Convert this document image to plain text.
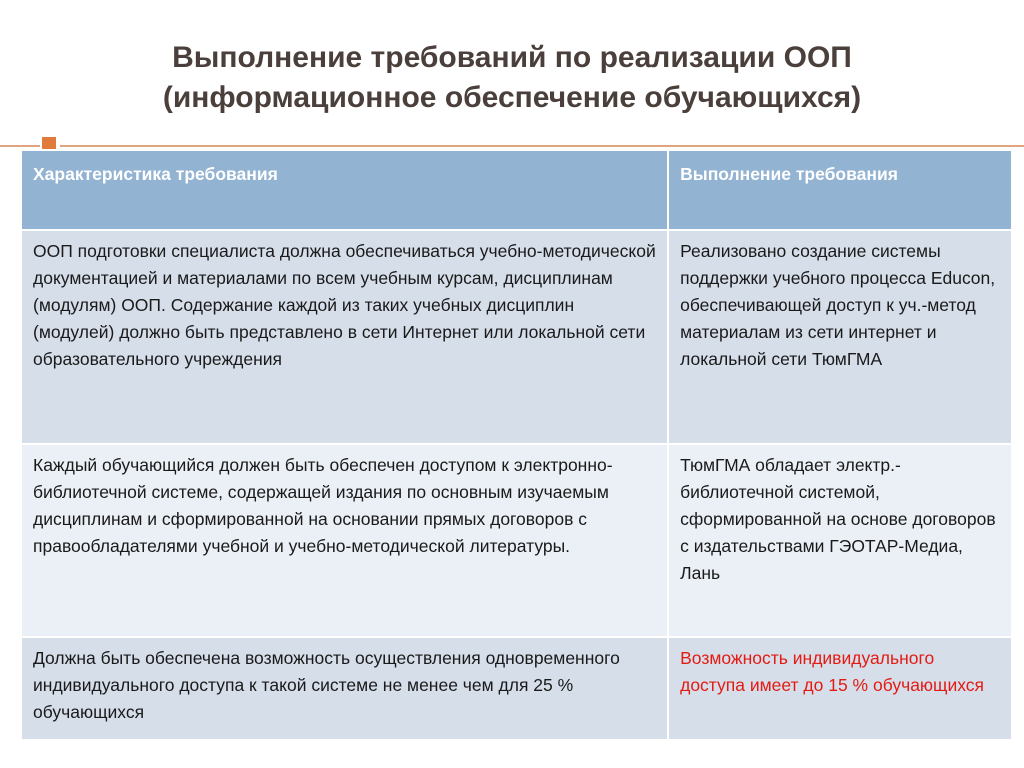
Выполнение требований по реализации ООП
(информационное обеспечение обучающихся)
Характеристика требования	Выполнение требования
ООП подготовки специалиста должна обеспечиваться учебно-методической документацией и материалами по всем учебным курсам, дисциплинам (модулям) ООП. Содержание каждой из таких учебных дисциплин (модулей) должно быть представлено в сети Интернет или локальной сети образовательного учреждения	Реализовано создание системы поддержки учебного процесса Educon, обеспечивающей доступ к уч.-метод материалам из сети интернет и локальной сети ТюмГМА
Каждый обучающийся должен быть обеспечен доступом к электронно-библиотечной системе, содержащей издания по основным изучаемым дисциплинам и сформированной на основании прямых договоров с правообладателями учебной и учебно-методической литературы.	ТюмГМА обладает электр.-библиотечной системой, сформированной на основе договоров с издательствами ГЭОТАР-Медиа, Лань
Должна быть обеспечена возможность осуществления одновременного индивидуального доступа к такой системе не менее чем для 25 % обучающихся	Возможность индивидуального доступа имеет до 15 % обучающихся
